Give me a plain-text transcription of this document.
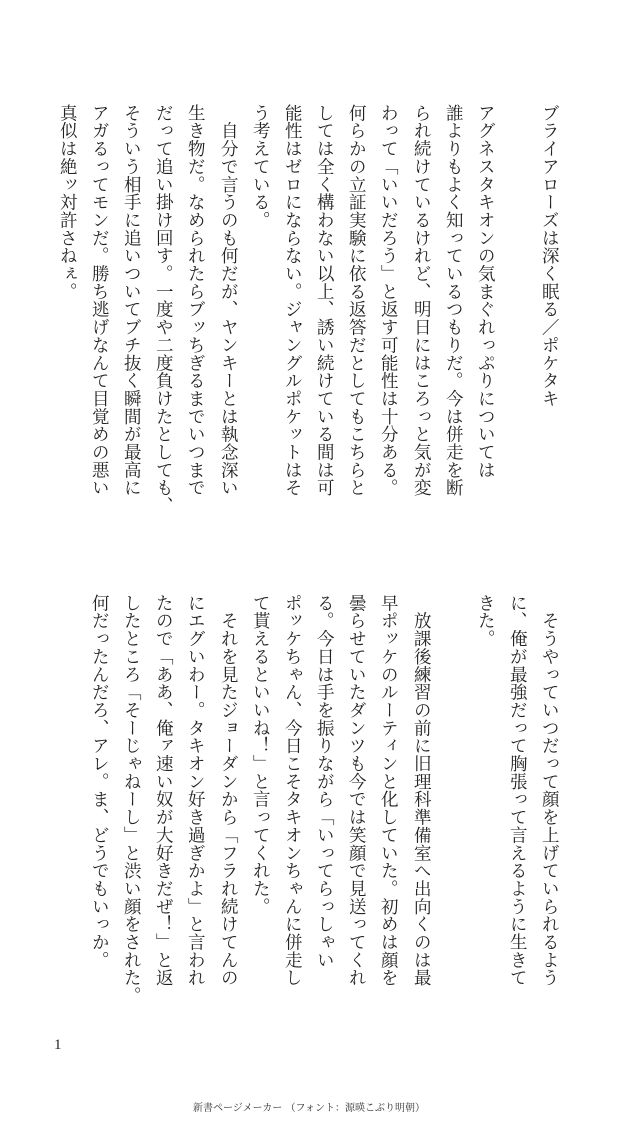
ブライアローズは深く眠る／ポケタキ
アグネスタキオンの気まぐれっぷりについては
誰よりもよく知っているつもりだ。今は併走を断
られ続けているけれど、明日にはころっと気が変
わって「いいだろう」と返す可能性は十分ある。
何らかの立証実験に依る返答だとしてもこちらと
しては全く構わない以上、誘い続けている間は可
能性はゼロにならない。ジャングルポケットはそ
う考えている。
　自分で言うのも何だが、ヤンキーとは執念深い
生き物だ。なめられたらブッちぎるまでいつまで
だって追い掛け回す。一度や二度負けたとしても、
そういう相手に追いついてブチ抜く瞬間が最高に
アガるってモンだ。勝ち逃げなんて目覚めの悪い
真似は絶ッ対許さねぇ。
　そうやっていつだって顔を上げていられるよう
に、俺が最強だって胸張って言えるように生きて
きた。
　放課後練習の前に旧理科準備室へ出向くのは最
早ポッケのルーティンと化していた。初めは顔を
曇らせていたダンツも今では笑顔で見送ってくれ
る。今日は手を振りながら「いってらっしゃい
ポッケちゃん、今日こそタキオンちゃんに併走し
て貰えるといいね！」と言ってくれた。
　それを見たジョーダンから「フラれ続けてんの
にエグいわー。タキオン好き過ぎかよ」と言われ
たので「ああ、俺ァ速い奴が大好きだぜ！」と返
したところ「そーじゃねーし」と渋い顔をされた。
何だったんだろ、アレ。ま、どうでもいっか。
1
新書ページメーカー （フォント：源暎こぶり明朝）
